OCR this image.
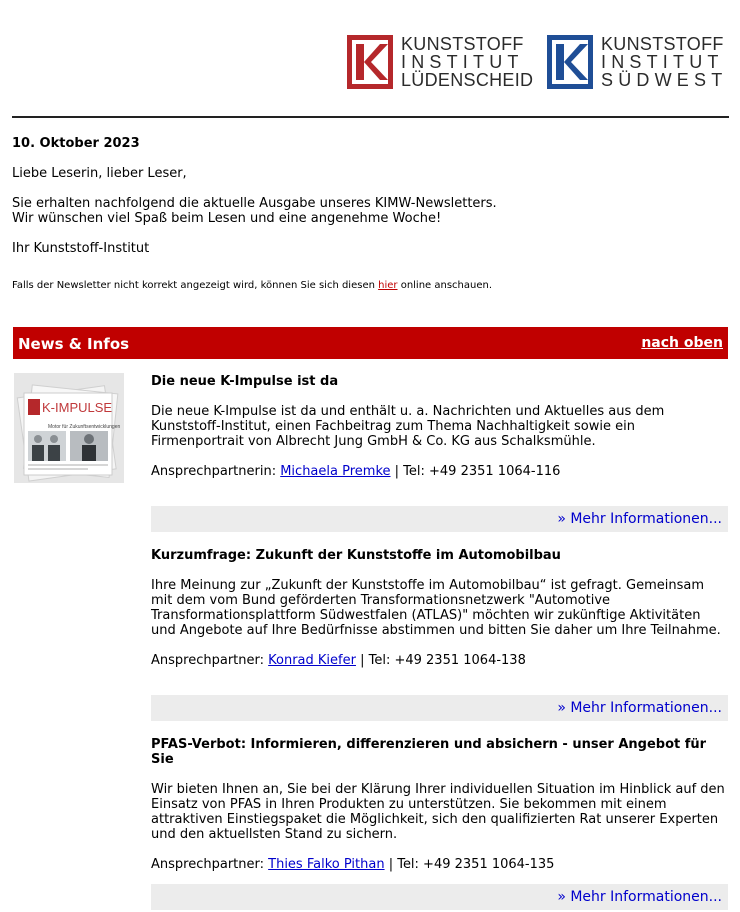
KUNSTSTOFF
INSTITUT
LÜDENSCHEID
KUNSTSTOFF
INSTITUT
SÜDWEST
10. Oktober 2023
Liebe Leserin, lieber Leser,
Sie erhalten nachfolgend die aktuelle Ausgabe unseres KIMW-Newsletters.
Wir wünschen viel Spaß beim Lesen und eine angenehme Woche!
Ihr Kunststoff-Institut
Falls der Newsletter nicht korrekt angezeigt wird, können Sie sich diesen hier online anschauen.
News & Infos	nach oben
K-IMPULSE
Motor für Zukunftsentwicklungen
Die neue K-Impulse ist da

Die neue K-Impulse ist da und enthält u. a. Nachrichten und Aktuelles aus dem Kunststoff-Institut, einen Fachbeitrag zum Thema Nachhaltigkeit sowie ein Firmenportrait von Albrecht Jung GmbH & Co. KG aus Schalksmühle.

Ansprechpartnerin: Michaela Premke | Tel: +49 2351 1064-116

» Mehr Informationen...
Kurzumfrage: Zukunft der Kunststoffe im Automobilbau

Ihre Meinung zur „Zukunft der Kunststoffe im Automobilbau“ ist gefragt. Gemeinsam mit dem vom Bund geförderten Transformationsnetzwerk "Automotive Transformationsplattform Südwestfalen (ATLAS)" möchten wir zukünftige Aktivitäten und Angebote auf Ihre Bedürfnisse abstimmen und bitten Sie daher um Ihre Teilnahme.

Ansprechpartner: Konrad Kiefer | Tel: +49 2351 1064-138

» Mehr Informationen...
PFAS-Verbot: Informieren, differenzieren und absichern - unser Angebot für Sie

Wir bieten Ihnen an, Sie bei der Klärung Ihrer individuellen Situation im Hinblick auf den Einsatz von PFAS in Ihren Produkten zu unterstützen. Sie bekommen mit einem attraktiven Einstiegspaket die Möglichkeit, sich den qualifizierten Rat unserer Experten und den aktuellsten Stand zu sichern.

Ansprechpartner: Thies Falko Pithan | Tel: +49 2351 1064-135

» Mehr Informationen...
